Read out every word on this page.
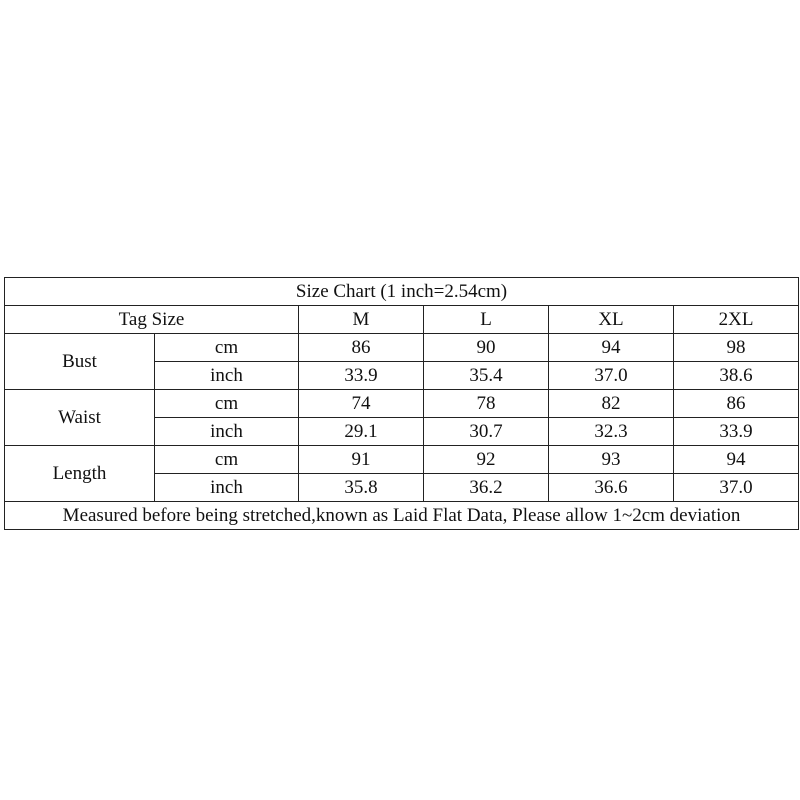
Size Chart (1 inch=2.54cm)					
Tag Size		M	L	XL	2XL
Bust	cm	86	90	94	98
	inch	33.9	35.4	37.0	38.6
Waist	cm	74	78	82	86
	inch	29.1	30.7	32.3	33.9
Length	cm	91	92	93	94
	inch	35.8	36.2	36.6	37.0
Measured before being stretched,known as Laid Flat Data, Please allow 1~2cm deviation					
